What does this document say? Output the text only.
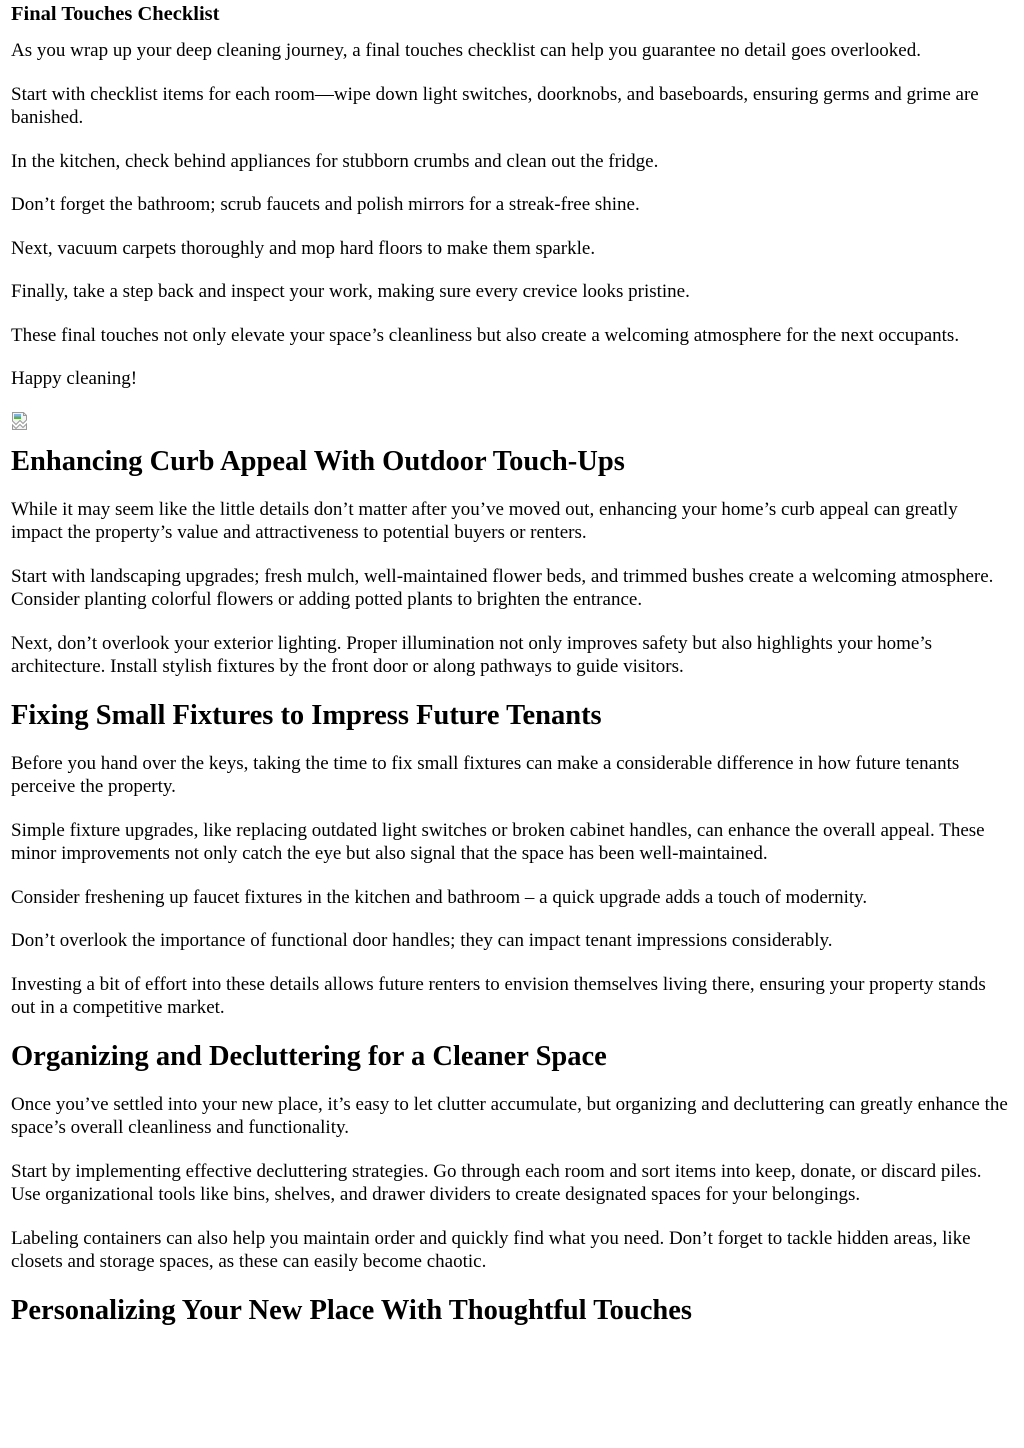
Final Touches Checklist

As you wrap up your deep cleaning journey, a final touches checklist can help you guarantee no detail goes overlooked.

Start with checklist items for each room—wipe down light switches, doorknobs, and baseboards, ensuring germs and grime are banished.

In the kitchen, check behind appliances for stubborn crumbs and clean out the fridge.

Don’t forget the bathroom; scrub faucets and polish mirrors for a streak-free shine.

Next, vacuum carpets thoroughly and mop hard floors to make them sparkle.

Finally, take a step back and inspect your work, making sure every crevice looks pristine.

These final touches not only elevate your space’s cleanliness but also create a welcoming atmosphere for the next occupants.

Happy cleaning!

Enhancing Curb Appeal With Outdoor Touch-Ups

While it may seem like the little details don’t matter after you’ve moved out, enhancing your home’s curb appeal can greatly impact the property’s value and attractiveness to potential buyers or renters.

Start with landscaping upgrades; fresh mulch, well-maintained flower beds, and trimmed bushes create a welcoming atmosphere. Consider planting colorful flowers or adding potted plants to brighten the entrance.

Next, don’t overlook your exterior lighting. Proper illumination not only improves safety but also highlights your home’s architecture. Install stylish fixtures by the front door or along pathways to guide visitors.

Fixing Small Fixtures to Impress Future Tenants

Before you hand over the keys, taking the time to fix small fixtures can make a considerable difference in how future tenants perceive the property.

Simple fixture upgrades, like replacing outdated light switches or broken cabinet handles, can enhance the overall appeal. These minor improvements not only catch the eye but also signal that the space has been well-maintained.

Consider freshening up faucet fixtures in the kitchen and bathroom – a quick upgrade adds a touch of modernity.

Don’t overlook the importance of functional door handles; they can impact tenant impressions considerably.

Investing a bit of effort into these details allows future renters to envision themselves living there, ensuring your property stands out in a competitive market.

Organizing and Decluttering for a Cleaner Space

Once you’ve settled into your new place, it’s easy to let clutter accumulate, but organizing and decluttering can greatly enhance the space’s overall cleanliness and functionality.

Start by implementing effective decluttering strategies. Go through each room and sort items into keep, donate, or discard piles. Use organizational tools like bins, shelves, and drawer dividers to create designated spaces for your belongings.

Labeling containers can also help you maintain order and quickly find what you need. Don’t forget to tackle hidden areas, like closets and storage spaces, as these can easily become chaotic.

Personalizing Your New Place With Thoughtful Touches
